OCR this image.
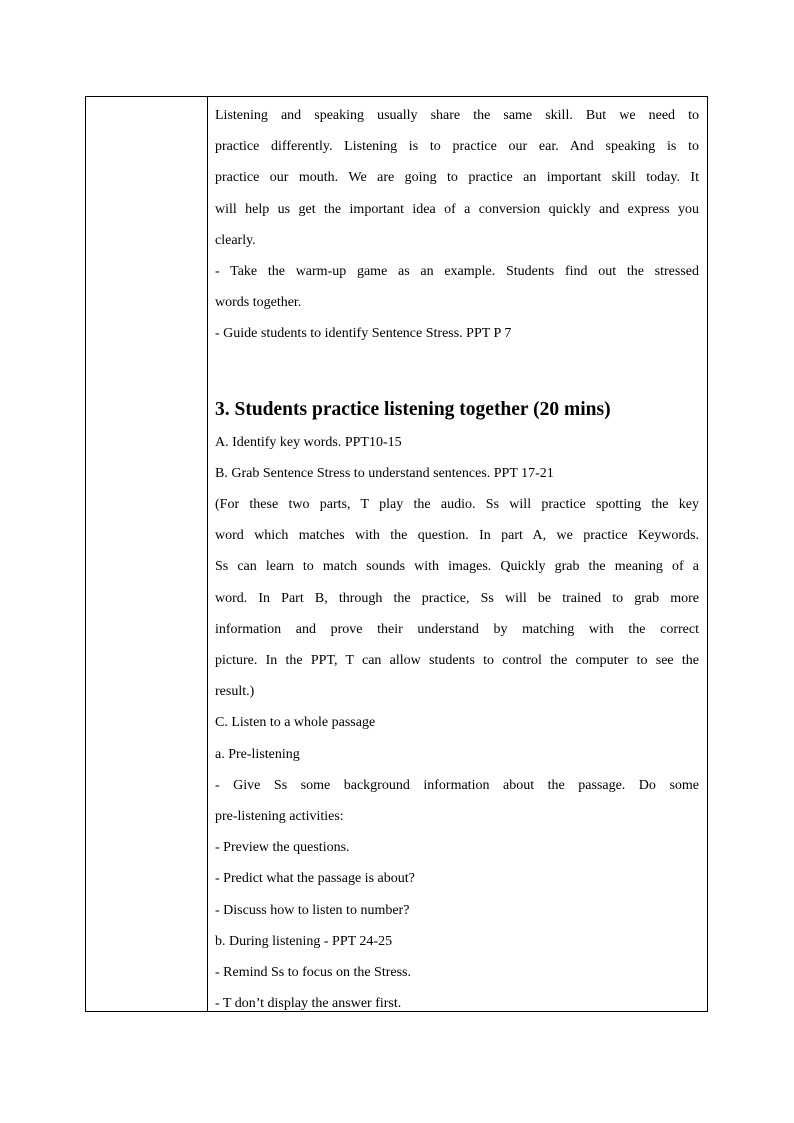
Listening and speaking usually share the same skill. But we need to

practice differently. Listening is to practice our ear. And speaking is to

practice our mouth. We are going to practice an important skill today. It

will help us get the important idea of a conversion quickly and express you

clearly.

- Take the warm-up game as an example. Students find out the stressed

words together.

- Guide students to identify Sentence Stress. PPT P 7

3. Students practice listening together (20 mins)

A. Identify key words. PPT10-15

B. Grab Sentence Stress to understand sentences. PPT 17-21

(For these two parts, T play the audio. Ss will practice spotting the key

word which matches with the question. In part A, we practice Keywords.

Ss can learn to match sounds with images. Quickly grab the meaning of a

word. In Part B, through the practice, Ss will be trained to grab more

information and prove their understand by matching with the correct

picture. In the PPT, T can allow students to control the computer to see the

result.)

C. Listen to a whole passage

a. Pre-listening

- Give Ss some background information about the passage. Do some

pre-listening activities:

- Preview the questions.

- Predict what the passage is about?

- Discuss how to listen to number?

b. During listening - PPT 24-25

- Remind Ss to focus on the Stress.

- T don’t display the answer first.
